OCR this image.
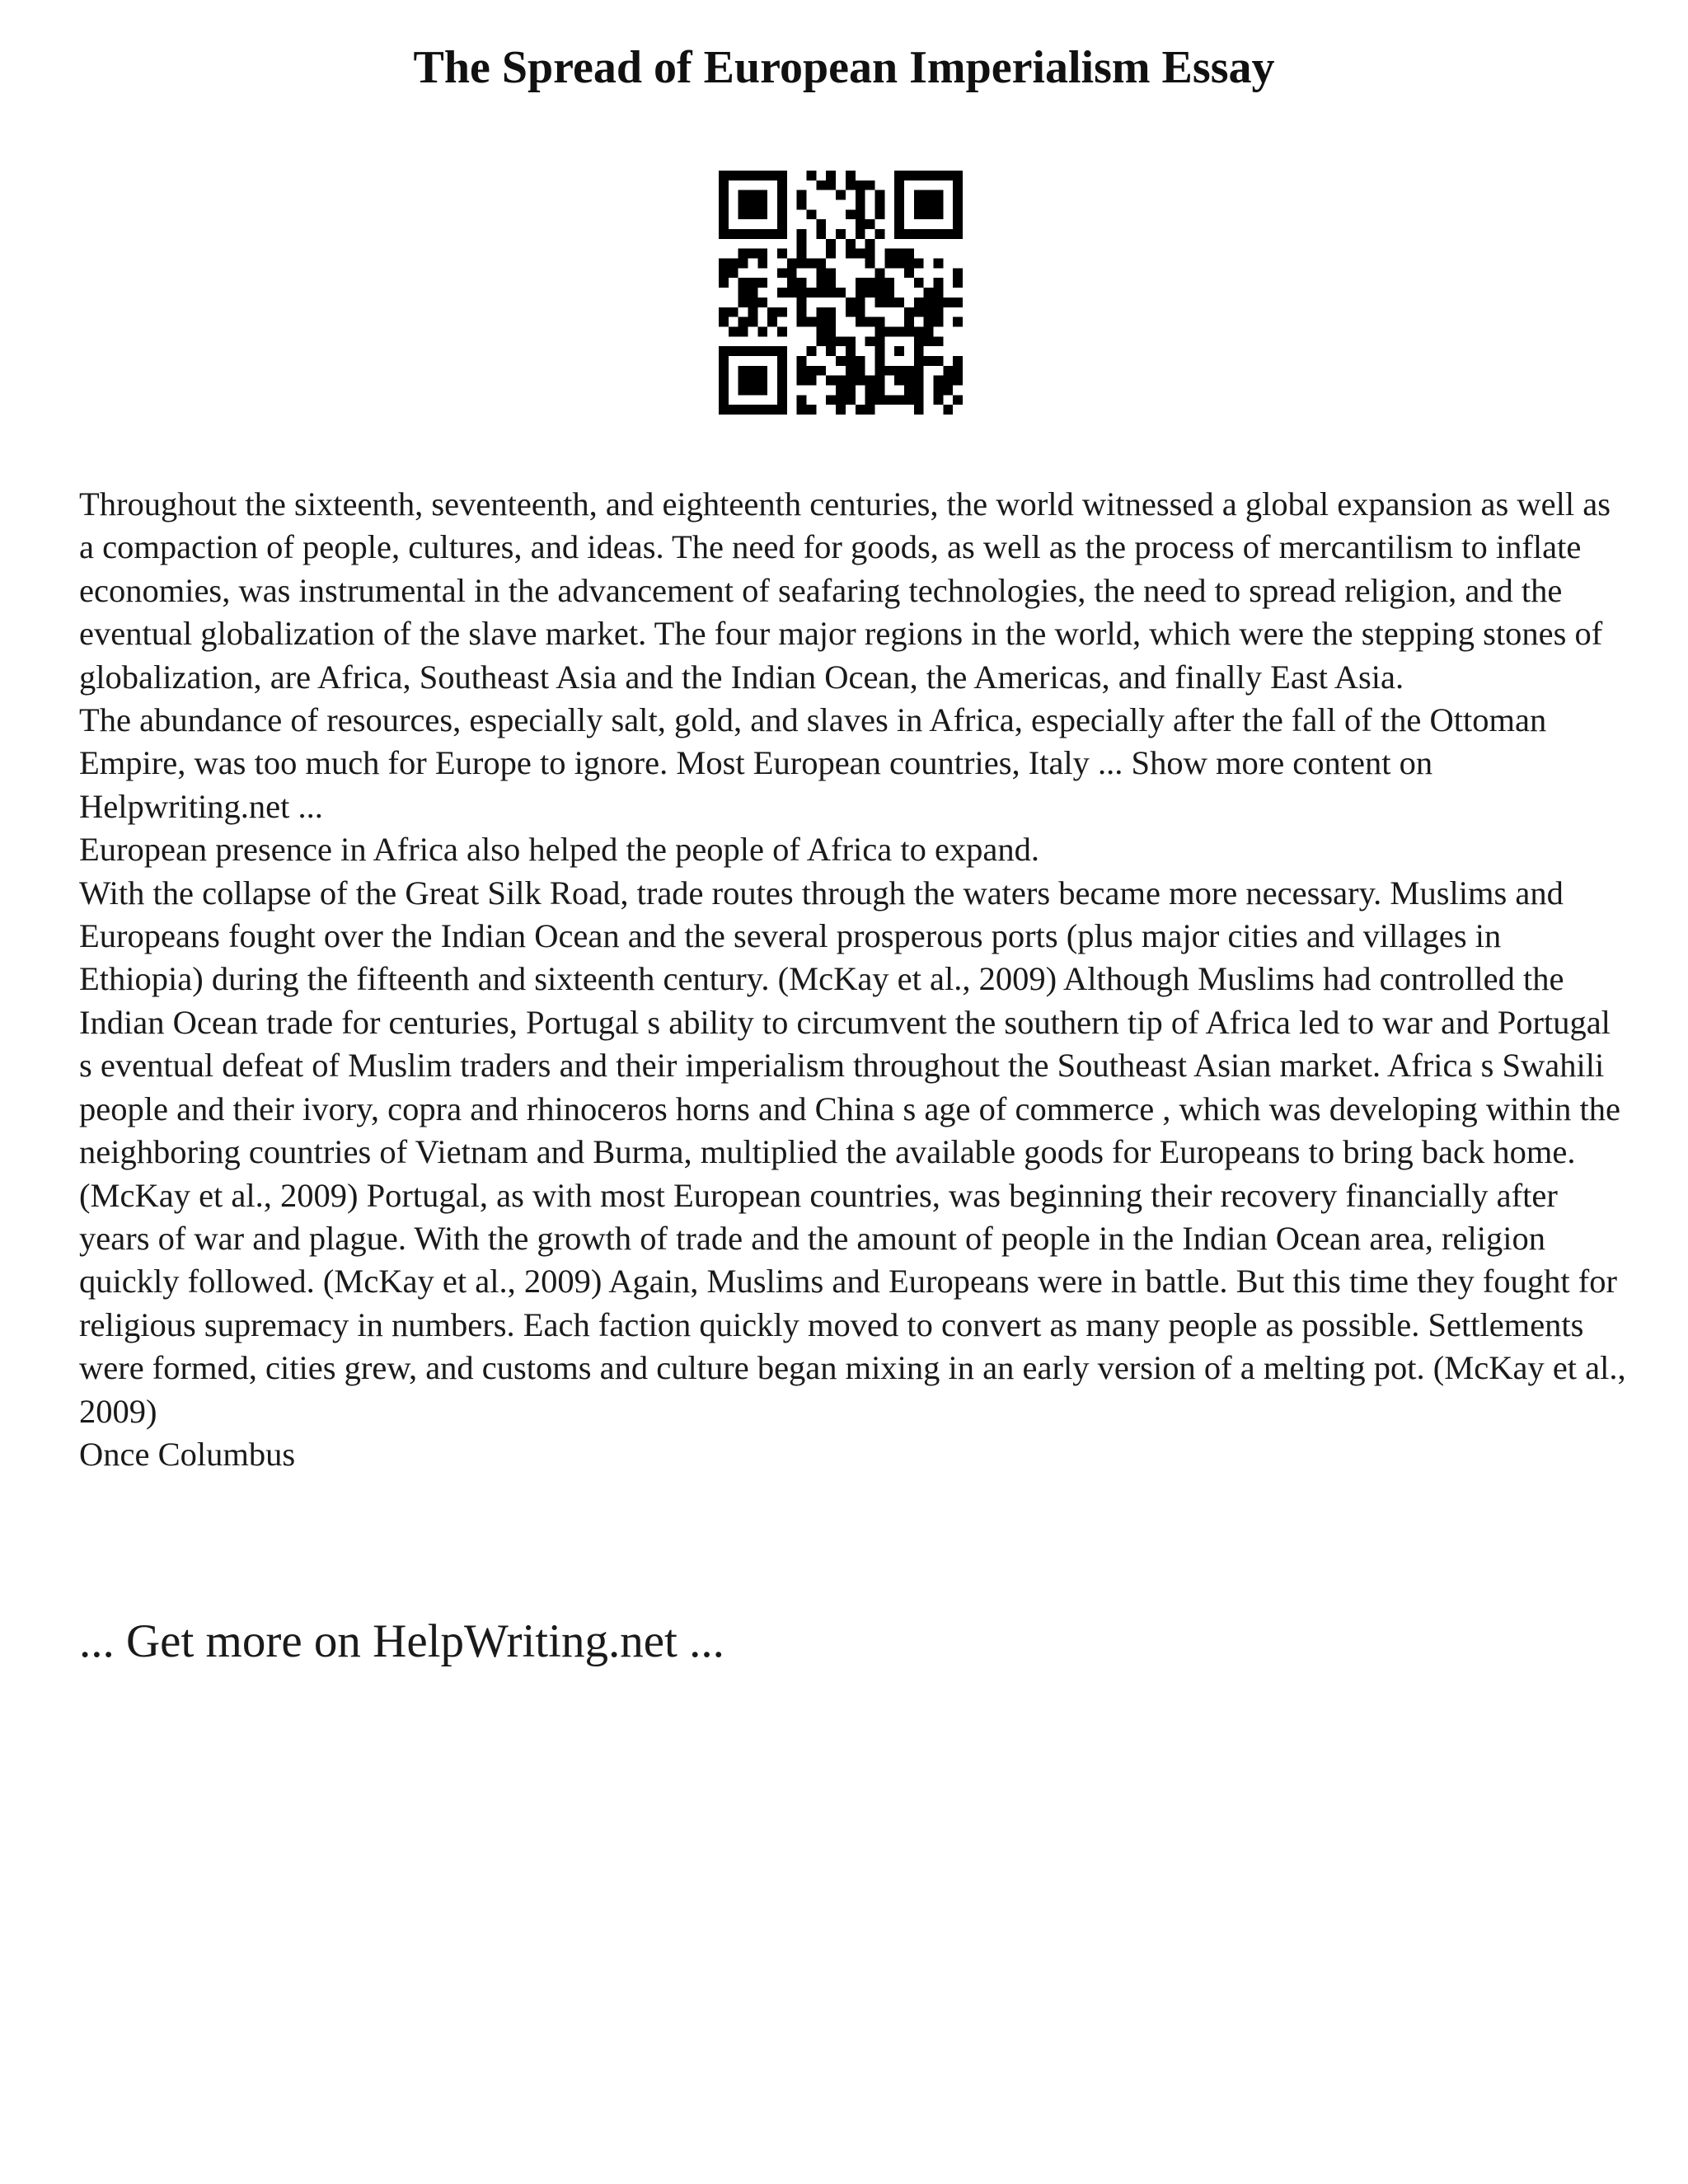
The Spread of European Imperialism Essay

Throughout the sixteenth, seventeenth, and eighteenth centuries, the world witnessed a global expansion as well as a compaction of people, cultures, and ideas. The need for goods, as well as the process of mercantilism to inflate economies, was instrumental in the advancement of seafaring technologies, the need to spread religion, and the eventual globalization of the slave market. The four major regions in the world, which were the stepping stones of globalization, are Africa, Southeast Asia and the Indian Ocean, the Americas, and finally East Asia.

The abundance of resources, especially salt, gold, and slaves in Africa, especially after the fall of the Ottoman Empire, was too much for Europe to ignore. Most European countries, Italy ... Show more content on Helpwriting.net ...

European presence in Africa also helped the people of Africa to expand.

With the collapse of the Great Silk Road, trade routes through the waters became more necessary. Muslims and Europeans fought over the Indian Ocean and the several prosperous ports (plus major cities and villages in Ethiopia) during the fifteenth and sixteenth century. (McKay et al., 2009) Although Muslims had controlled the Indian Ocean trade for centuries, Portugal s ability to circumvent the southern tip of Africa led to war and Portugal s eventual defeat of Muslim traders and their imperialism throughout the Southeast Asian market. Africa s Swahili people and their ivory, copra and rhinoceros horns and China s age of commerce , which was developing within the neighboring countries of Vietnam and Burma, multiplied the available goods for Europeans to bring back home. (McKay et al., 2009) Portugal, as with most European countries, was beginning their recovery financially after years of war and plague. With the growth of trade and the amount of people in the Indian Ocean area, religion quickly followed. (McKay et al., 2009) Again, Muslims and Europeans were in battle. But this time they fought for religious supremacy in numbers. Each faction quickly moved to convert as many people as possible. Settlements were formed, cities grew, and customs and culture began mixing in an early version of a melting pot. (McKay et al., 2009)

Once Columbus

... Get more on HelpWriting.net ...
